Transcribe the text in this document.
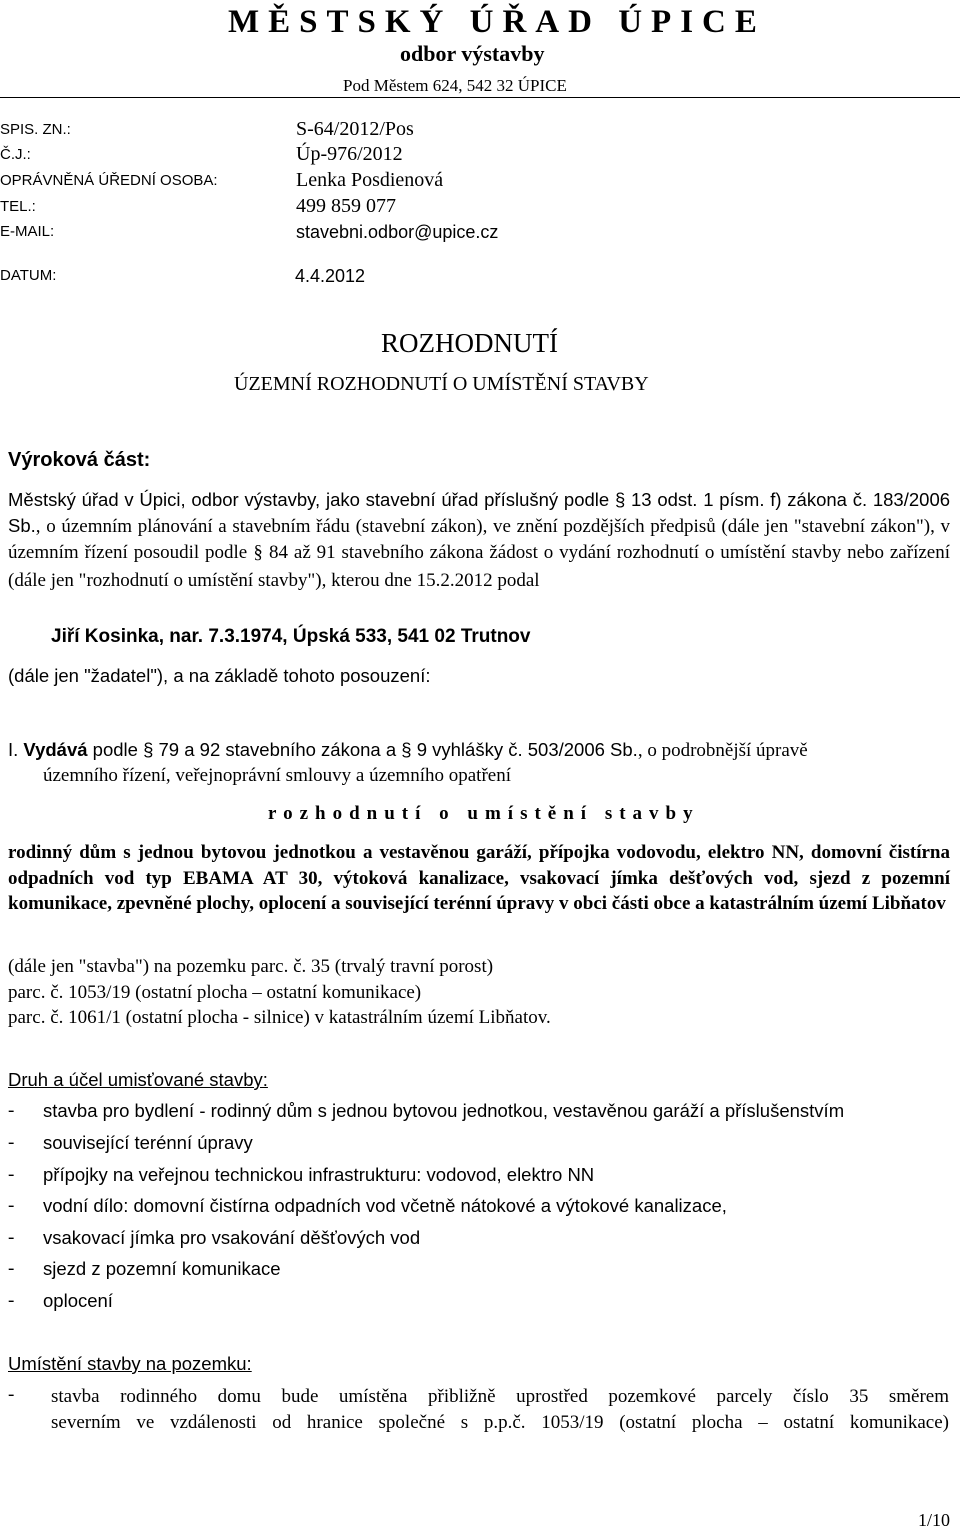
MĚSTSKÝ ÚŘAD ÚPICE
odbor výstavby
Pod Městem 624, 542 32 ÚPICE
SPIS. ZN.:	S-64/2012/Pos
Č.J.:	Úp-976/2012
OPRÁVNĚNÁ ÚŘEDNÍ OSOBA:	Lenka Posdienová
TEL.:	499 859 077
E-MAIL:	stavebni.odbor@upice.cz
DATUM:	4.4.2012
ROZHODNUTÍ
ÚZEMNÍ ROZHODNUTÍ O UMÍSTĚNÍ STAVBY
Výroková část:
Městský úřad v Úpici, odbor výstavby, jako stavební úřad příslušný podle § 13 odst. 1 písm. f) zákona č. 183/2006 Sb., o územním plánování a stavebním řádu (stavební zákon), ve znění pozdějších předpisů (dále jen "stavební zákon"), v územním řízení posoudil podle § 84 až 91 stavebního zákona žádost o vydání rozhodnutí o umístění stavby nebo zařízení (dále jen "rozhodnutí o umístění stavby"), kterou dne 15.2.2012 podal
Jiří Kosinka, nar. 7.3.1974, Úpská 533, 541 02 Trutnov
(dále jen "žadatel"), a na základě tohoto posouzení:
I. Vydává podle § 79 a 92 stavebního zákona a § 9 vyhlášky č. 503/2006 Sb., o podrobnější úpravě
územního řízení, veřejnoprávní smlouvy a územního opatření
rozhodnutí o umístění stavby
rodinný dům s jednou bytovou jednotkou a vestavěnou garáží, přípojka vodovodu, elektro NN, domovní čistírna odpadních vod typ EBAMA AT 30, výtoková kanalizace, vsakovací jímka dešťových vod, sjezd z pozemní komunikace, zpevněné plochy, oplocení a související terénní úpravy v obci části obce a katastrálním území Libňatov
(dále jen "stavba") na pozemku parc. č. 35 (trvalý travní porost)
parc. č. 1053/19 (ostatní plocha – ostatní komunikace)
parc. č. 1061/1 (ostatní plocha - silnice) v katastrálním území Libňatov.
Druh a účel umisťované stavby:
- stavba pro bydlení - rodinný dům s jednou bytovou jednotkou, vestavěnou garáží a příslušenstvím
- související terénní úpravy
- přípojky na veřejnou technickou infrastrukturu: vodovod, elektro NN
- vodní dílo: domovní čistírna odpadních vod včetně nátokové a výtokové kanalizace,
- vsakovací jímka pro vsakování děšťových vod
- sjezd z pozemní komunikace
- oplocení
Umístění stavby na pozemku:
- stavba rodinného domu bude umístěna přibližně uprostřed pozemkové parcely číslo 35 směrem
severním ve vzdálenosti od hranice společné s p.p.č. 1053/19 (ostatní plocha – ostatní komunikace)
1/10
